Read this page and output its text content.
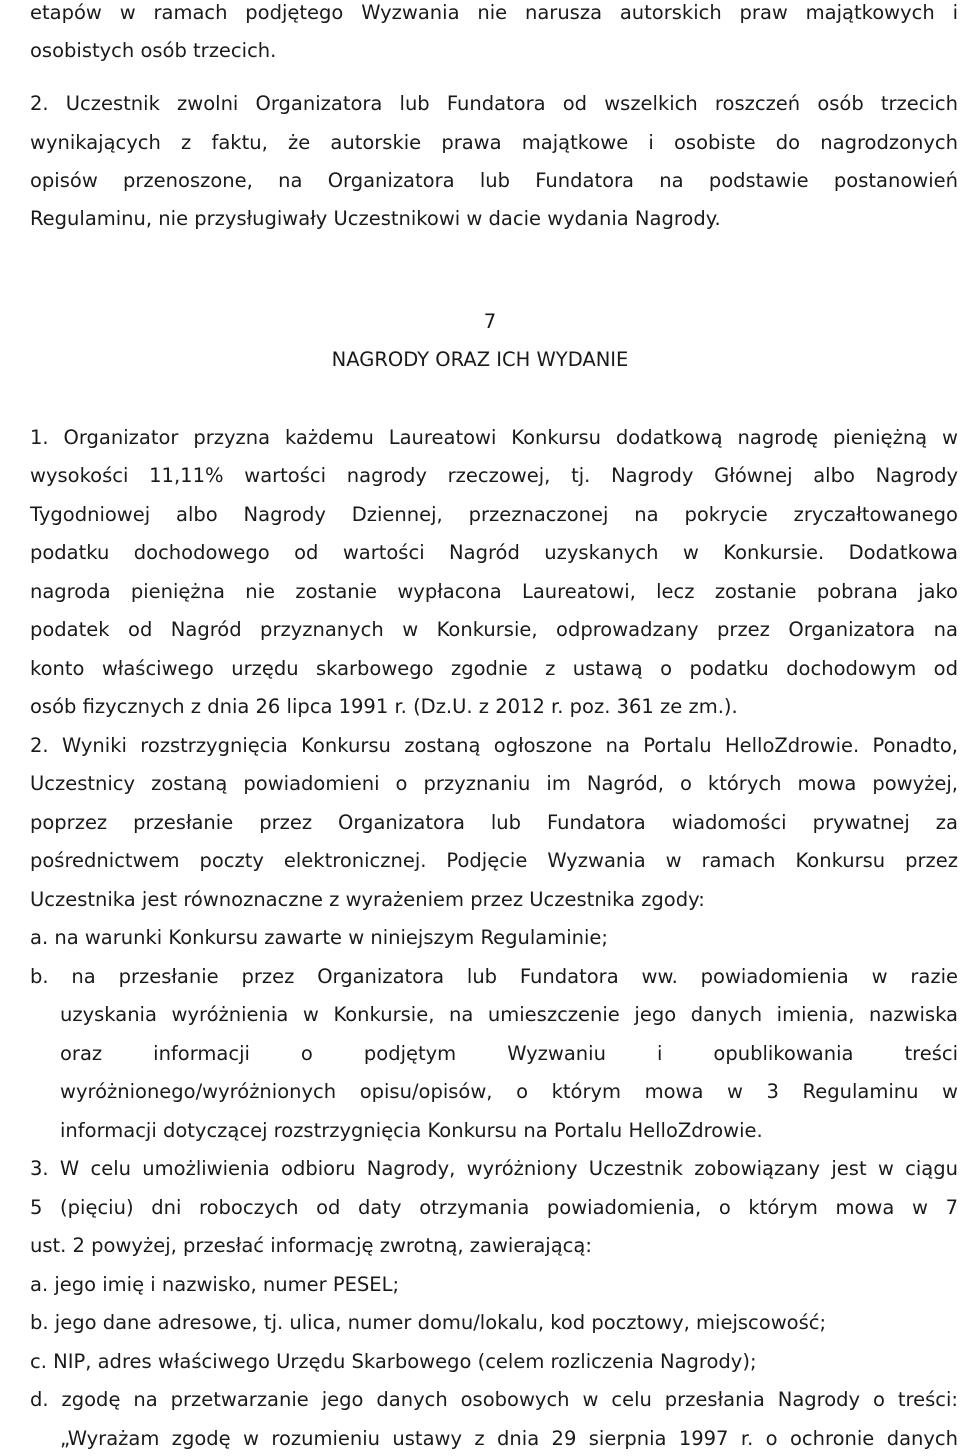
etapów w ramach podjętego Wyzwania nie narusza autorskich praw majątkowych i
osobistych osób trzecich.
2. Uczestnik zwolni Organizatora lub Fundatora od wszelkich roszczeń osób trzecich
wynikających z faktu, że autorskie prawa majątkowe i osobiste do nagrodzonych
opisów przenoszone, na Organizatora lub Fundatora na podstawie postanowień
Regulaminu, nie przysługiwały Uczestnikowi w dacie wydania Nagrody.
7
NAGRODY ORAZ ICH WYDANIE
1. Organizator przyzna każdemu Laureatowi Konkursu dodatkową nagrodę pieniężną w
wysokości 11,11% wartości nagrody rzeczowej, tj. Nagrody Głównej albo Nagrody
Tygodniowej albo Nagrody Dziennej, przeznaczonej na pokrycie zryczałtowanego
podatku dochodowego od wartości Nagród uzyskanych w Konkursie. Dodatkowa
nagroda pieniężna nie zostanie wypłacona Laureatowi, lecz zostanie pobrana jako
podatek od Nagród przyznanych w Konkursie, odprowadzany przez Organizatora na
konto właściwego urzędu skarbowego zgodnie z ustawą o podatku dochodowym od
osób fizycznych z dnia 26 lipca 1991 r. (Dz.U. z 2012 r. poz. 361 ze zm.).
2. Wyniki rozstrzygnięcia Konkursu zostaną ogłoszone na Portalu HelloZdrowie. Ponadto,
Uczestnicy zostaną powiadomieni o przyznaniu im Nagród, o których mowa powyżej,
poprzez przesłanie przez Organizatora lub Fundatora wiadomości prywatnej za
pośrednictwem poczty elektronicznej. Podjęcie Wyzwania w ramach Konkursu przez
Uczestnika jest równoznaczne z wyrażeniem przez Uczestnika zgody:
a. na warunki Konkursu zawarte w niniejszym Regulaminie;
b. na przesłanie przez Organizatora lub Fundatora ww. powiadomienia w razie
uzyskania wyróżnienia w Konkursie, na umieszczenie jego danych imienia, nazwiska
oraz informacji o podjętym Wyzwaniu i opublikowania treści
wyróżnionego/wyróżnionych opisu/opisów, o którym mowa w 3 Regulaminu w
informacji dotyczącej rozstrzygnięcia Konkursu na Portalu HelloZdrowie.
3. W celu umożliwienia odbioru Nagrody, wyróżniony Uczestnik zobowiązany jest w ciągu
5 (pięciu) dni roboczych od daty otrzymania powiadomienia, o którym mowa w 7
ust. 2 powyżej, przesłać informację zwrotną, zawierającą:
a. jego imię i nazwisko, numer PESEL;
b. jego dane adresowe, tj. ulica, numer domu/lokalu, kod pocztowy, miejscowość;
c. NIP, adres właściwego Urzędu Skarbowego (celem rozliczenia Nagrody);
d. zgodę na przetwarzanie jego danych osobowych w celu przesłania Nagrody o treści:
„Wyrażam zgodę w rozumieniu ustawy z dnia 29 sierpnia 1997 r. o ochronie danych
